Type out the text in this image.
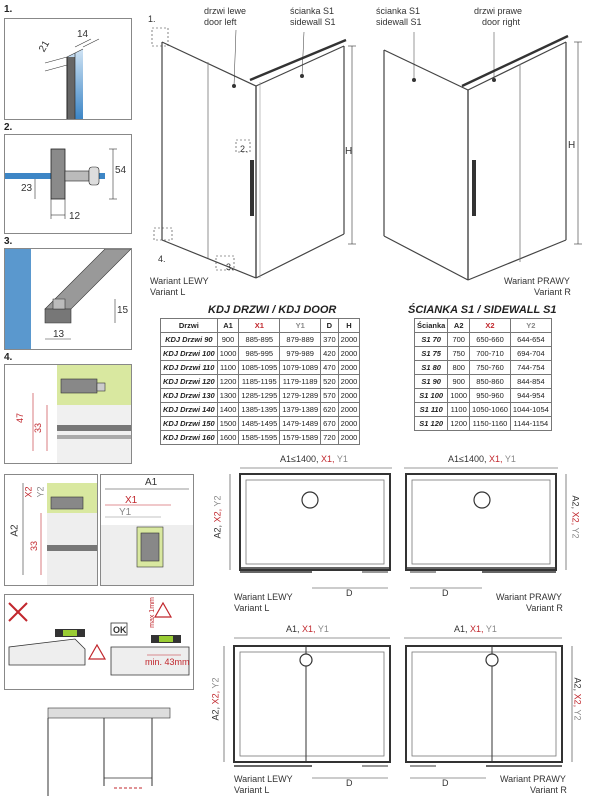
1.
21
14
2.
54
23
12
3.
15
13
4.
47
33
A2
X2 Y2
33
A1
X1
Y1
OK
max 1mm
min. 43mm
drzwi lewe
door left
ścianka S1
sidewall S1
H
1.
2.
3.
4.
Wariant LEWY
Variant L
ścianka S1
sidewall S1
drzwi prawe
door right
H
Wariant PRAWY
Variant R
KDJ DRZWI / KDJ DOOR
Drzwi	A1	X1	Y1	D	H
KDJ Drzwi 90	900	885-895	879-889	370	2000
KDJ Drzwi 100	1000	985-995	979-989	420	2000
KDJ Drzwi 110	1100	1085-1095	1079-1089	470	2000
KDJ Drzwi 120	1200	1185-1195	1179-1189	520	2000
KDJ Drzwi 130	1300	1285-1295	1279-1289	570	2000
KDJ Drzwi 140	1400	1385-1395	1379-1389	620	2000
KDJ Drzwi 150	1500	1485-1495	1479-1489	670	2000
KDJ Drzwi 160	1600	1585-1595	1579-1589	720	2000
ŚCIANKA S1 / SIDEWALL S1
Ścianka	A2	X2	Y2
S1 70	700	650-660	644-654
S1 75	750	700-710	694-704
S1 80	800	750-760	744-754
S1 90	900	850-860	844-854
S1 100	1000	950-960	944-954
S1 110	1100	1050-1060	1044-1054
S1 120	1200	1150-1160	1144-1154
A1≤1400, X1, Y1
A2, X2, Y2
D
Wariant LEWY
Variant L
A1≤1400, X1, Y1
A2, X2, Y2
D	Wariant PRAWY
Variant R
A1, X1, Y1
A2, X2, Y2
D
Wariant LEWY
Variant L
A1, X1, Y1
A2, X2, Y2
D	Wariant PRAWY
Variant R
